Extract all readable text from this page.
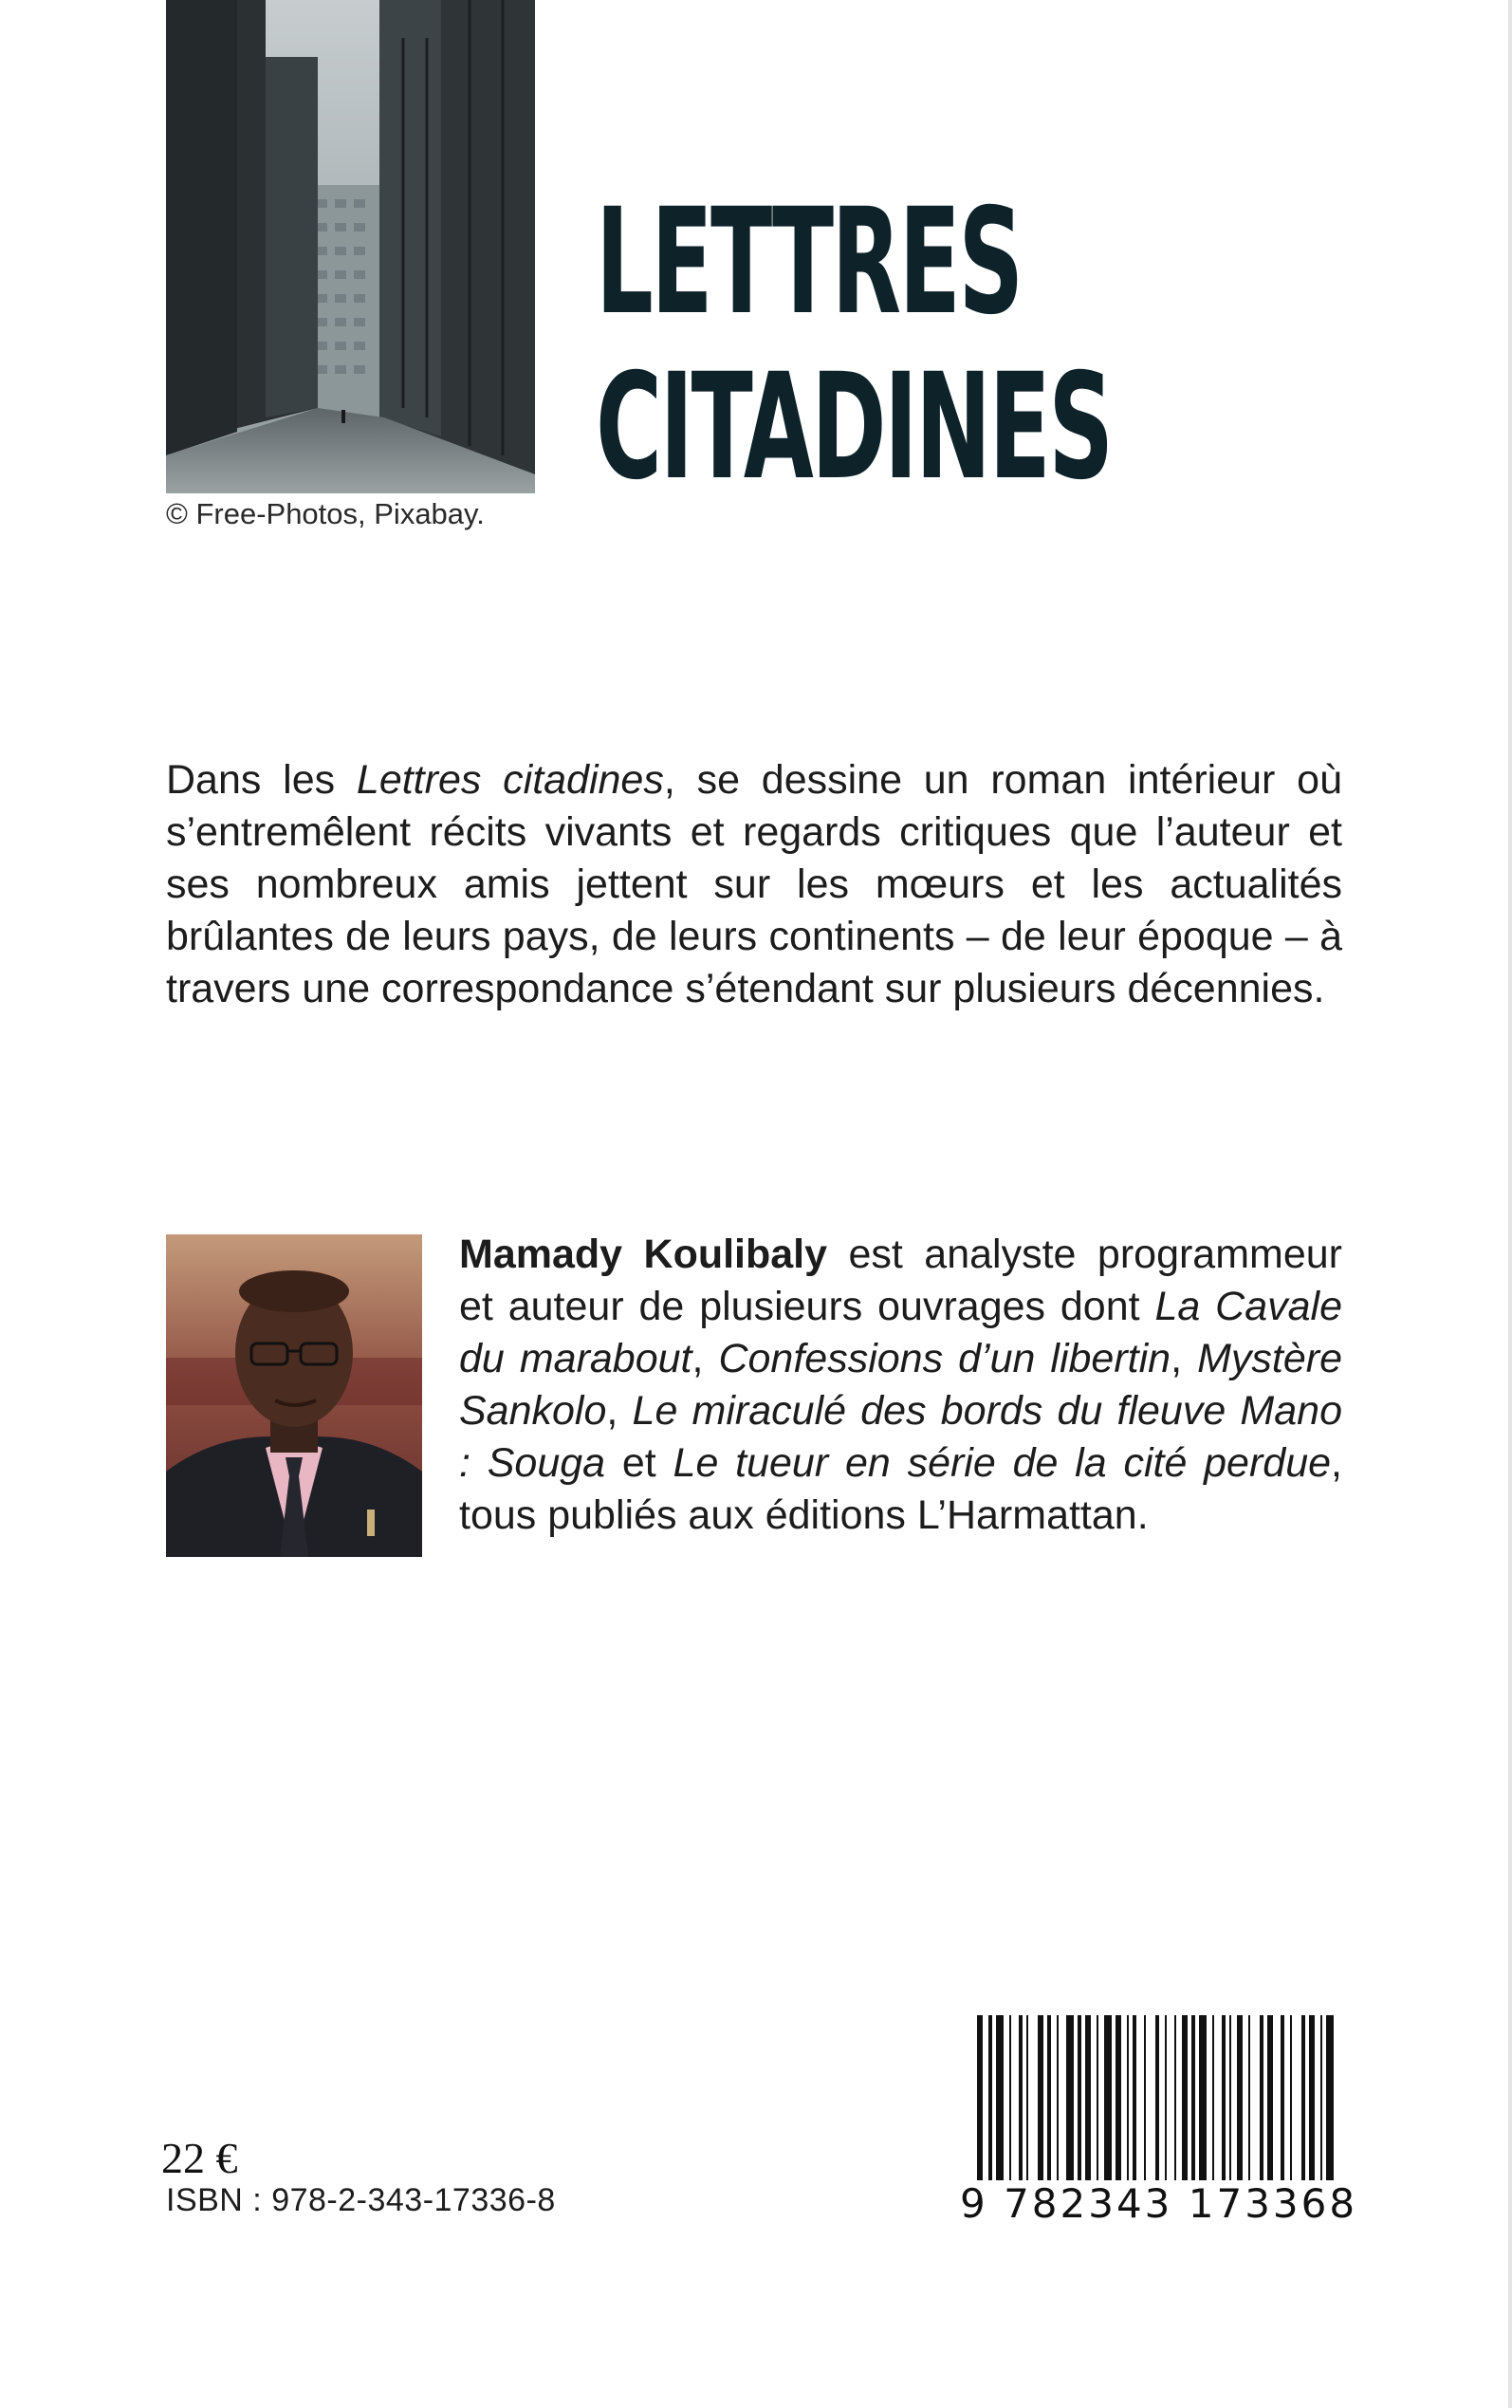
© Free-Photos, Pixabay.
LETTRES
CITADINES

Dans les Lettres citadines, se dessine un roman intérieur où s’entremêlent récits vivants et regards critiques que l’auteur et ses nombreux amis jettent sur les mœurs et les actualités brûlantes de leurs pays, de leurs continents – de leur époque – à travers une correspondance s’étendant sur plusieurs décennies.

Mamady Koulibaly est analyste programmeur et auteur de plusieurs ouvrages dont La Cavale du marabout, Confessions d’un libertin, Mystère Sankolo, Le miraculé des bords du fleuve Mano : Souga et Le tueur en série de la cité perdue, tous publiés aux éditions L’Harmattan.
22 €
ISBN : 978-2-343-17336-8	9 782343 173368
